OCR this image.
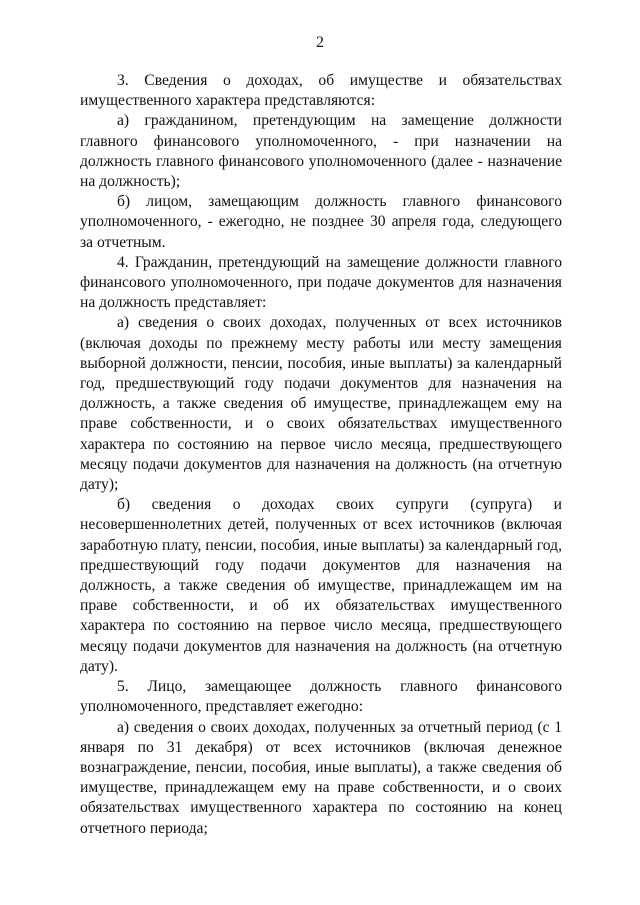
2

3. Сведения о доходах, об имуществе и обязательствах имущественного характера представляются:

а) гражданином, претендующим на замещение должности главного финансового уполномоченного, - при назначении на должность главного финансового уполномоченного (далее - назначение на должность);

б) лицом, замещающим должность главного финансового уполномоченного, - ежегодно, не позднее 30 апреля года, следующего за отчетным.

4. Гражданин, претендующий на замещение должности главного финансового уполномоченного, при подаче документов для назначения на должность представляет:

а) сведения о своих доходах, полученных от всех источников (включая доходы по прежнему месту работы или месту замещения выборной должности, пенсии, пособия, иные выплаты) за календарный год, предшествующий году подачи документов для назначения на должность, а также сведения об имуществе, принадлежащем ему на праве собственности, и о своих обязательствах имущественного характера по состоянию на первое число месяца, предшествующего месяцу подачи документов для назначения на должность (на отчетную дату);

б) сведения о доходах своих супруги (супруга) и несовершеннолетних детей, полученных от всех источников (включая заработную плату, пенсии, пособия, иные выплаты) за календарный год, предшествующий году подачи документов для назначения на должность, а также сведения об имуществе, принадлежащем им на праве собственности, и об их обязательствах имущественного характера по состоянию на первое число месяца, предшествующего месяцу подачи документов для назначения на должность (на отчетную дату).

5. Лицо, замещающее должность главного финансового уполномоченного, представляет ежегодно:

а) сведения о своих доходах, полученных за отчетный период (с 1 января по 31 декабря) от всех источников (включая денежное вознаграждение, пенсии, пособия, иные выплаты), а также сведения об имуществе, принадлежащем ему на праве собственности, и о своих обязательствах имущественного характера по состоянию на конец отчетного периода;
